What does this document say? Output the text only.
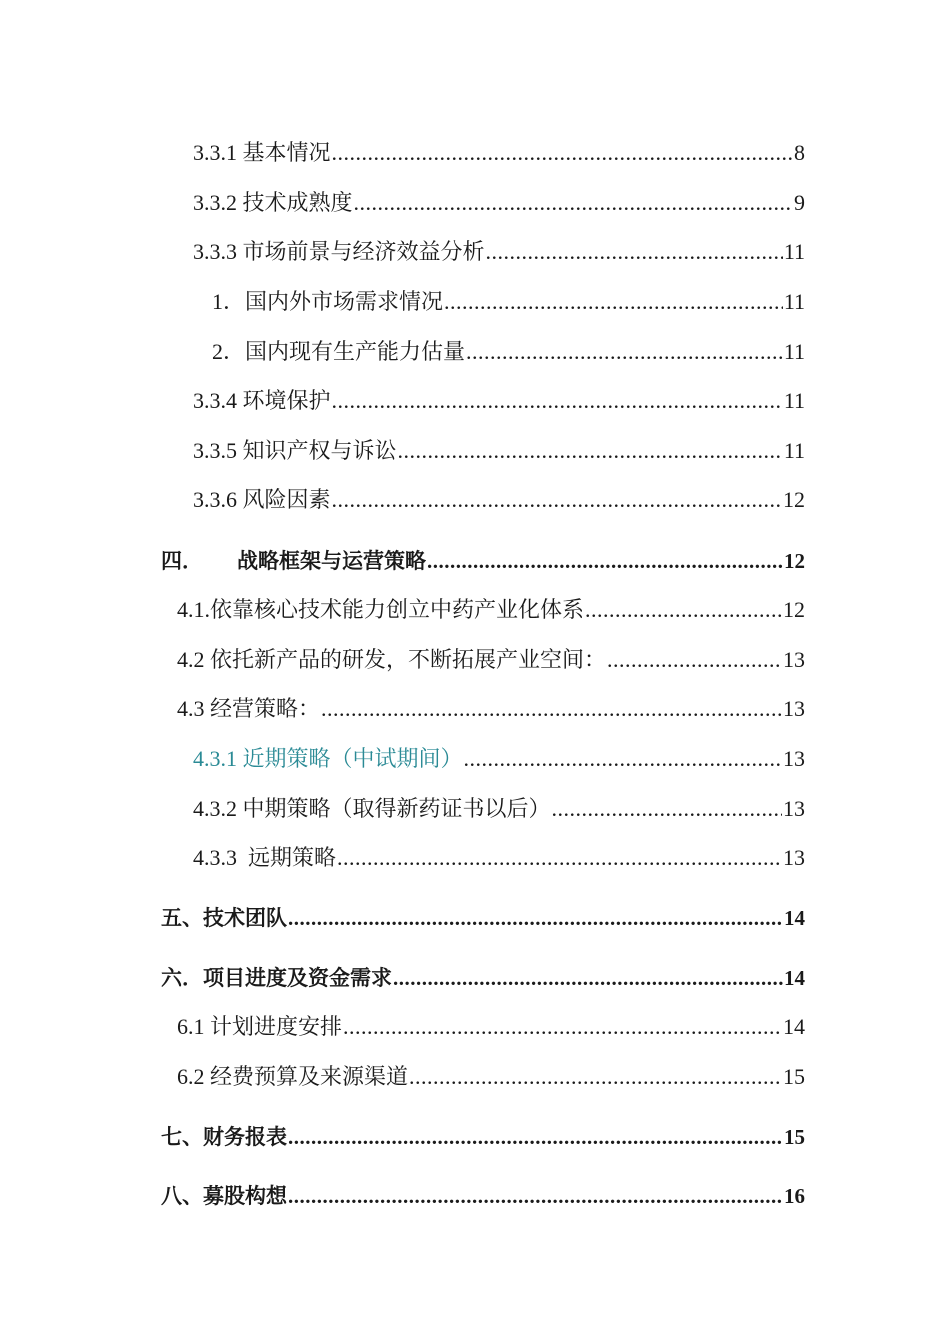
3.3.1 基本情况 .....	8
3.3.2 技术成熟度 .....	9
3.3.3 市场前景与经济效益分析 .....	11
1．国内外市场需求情况 .....	11
2．国内现有生产能力估量 .....	11
3.3.4 环境保护 .....	11
3.3.5 知识产权与诉讼 .....	11
3.3.6 风险因素 .....	12
四． 战略框架与运营策略 .....	12
4.1.依靠核心技术能力创立中药产业化体系 .....	12
4.2 依托新产品的研发，不断拓展产业空间： .....	13
4.3 经营策略： .....	13
4.3.1 近期策略（中试期间） .....	13
4.3.2 中期策略（取得新药证书以后） .....	13
4.3.3  远期策略 .....	13
五、技术团队 .....	14
六．项目进度及资金需求 .....	14
6.1 计划进度安排 .....	14
6.2 经费预算及来源渠道 .....	15
七、财务报表 .....	15
八、募股构想 .....	16
